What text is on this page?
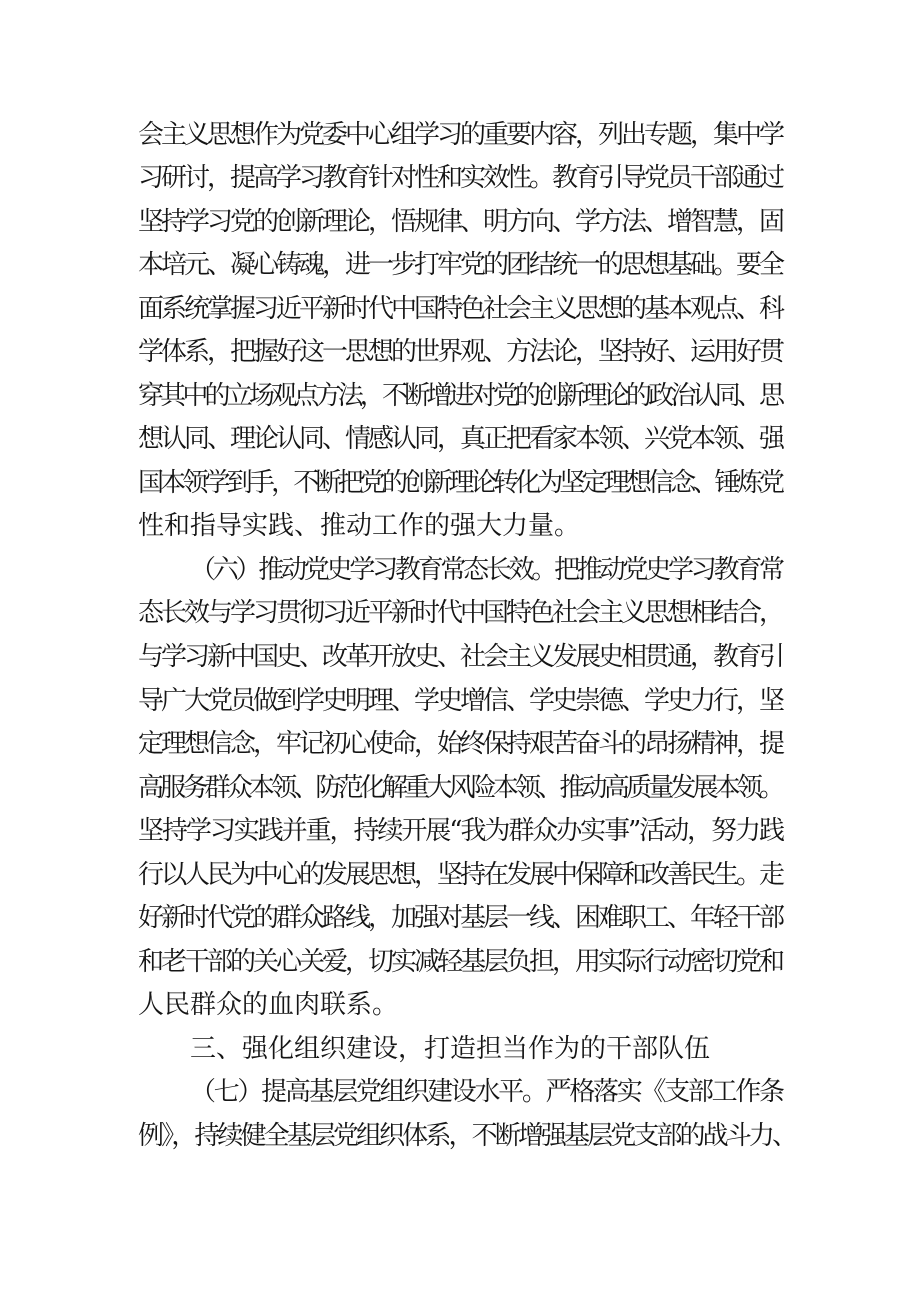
会主义思想作为党委中心组学习的重要内容，列出专题，集中学

习研讨，提高学习教育针对性和实效性。教育引导党员干部通过

坚持学习党的创新理论，悟规律、明方向、学方法、增智慧，固

本培元、凝心铸魂，进一步打牢党的团结统一的思想基础。要全

面系统掌握习近平新时代中国特色社会主义思想的基本观点、科

学体系，把握好这一思想的世界观、方法论，坚持好、运用好贯

穿其中的立场观点方法，不断增进对党的创新理论的政治认同、思

想认同、理论认同、情感认同，真正把看家本领、兴党本领、强

国本领学到手，不断把党的创新理论转化为坚定理想信念、锤炼党

性和指导实践、推动工作的强大力量。

（六）推动党史学习教育常态长效。把推动党史学习教育常

态长效与学习贯彻习近平新时代中国特色社会主义思想相结合，

与学习新中国史、改革开放史、社会主义发展史相贯通，教育引

导广大党员做到学史明理、学史增信、学史崇德、学史力行，坚

定理想信念，牢记初心使命，始终保持艰苦奋斗的昂扬精神，提

高服务群众本领、防范化解重大风险本领、推动高质量发展本领。

坚持学习实践并重，持续开展“我为群众办实事”活动，努力践

行以人民为中心的发展思想，坚持在发展中保障和改善民生。走

好新时代党的群众路线，加强对基层一线、困难职工、年轻干部

和老干部的关心关爱，切实减轻基层负担，用实际行动密切党和

人民群众的血肉联系。

三、强化组织建设，打造担当作为的干部队伍

（七）提高基层党组织建设水平。严格落实《支部工作条

例》，持续健全基层党组织体系，不断增强基层党支部的战斗力、
